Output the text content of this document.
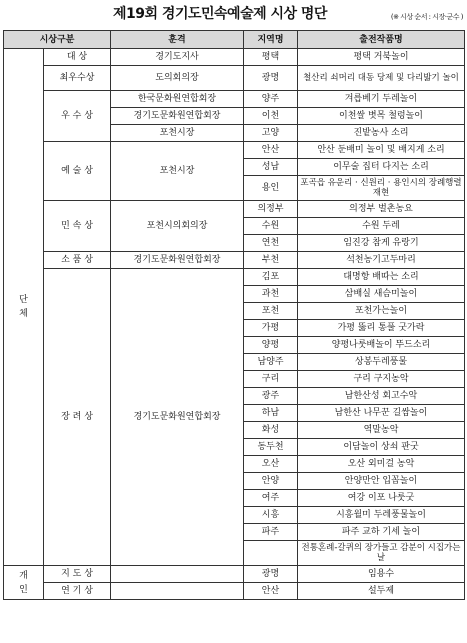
제19회 경기도민속예술제 시상 명단	(※ 시상 순서 : 시장·군수 )
시상구분		훈격	지역명	출전작품명
단 체	대 상	경기도지사	평택	평택 거북놀이
	최우수상	도의회의장	광명	철산리 쇠머리 대동 당제 및 다리밟기 놀이
	우 수 상	한국문화원연합회장	양주	겨릅베기 두레놀이
		경기도문화원연합회장	이천	이천쌀 볏목 철렁놀이
		포천시장	고양	진밭농사 소리
	예 술 상	포천시장	안산	안산 둔배미 놀이 및 배지게 소리
			성남	이무술 집터 다지는 소리
			용인	포곡읍 유운리 · 신원리 · 용인시의 장례행렬 재현
	민 속 상	포천시의회의장	의정부	의정부 벌촌농요
			수원	수원 두레
			연천	임진강 참게 유랑기
	소 품 상	경기도문화원연합회장	부천	석천농기고두마리
	장 려 상	경기도문화원연합회장	김포	대명항 배따는 소리
			과천	삼배실 새슴미놀이
			포천	포천가는놀이
			가평	가평 뚫리 통풀 굿가락
			양평	양평나룻배놀이 뚜드소리
			남양주	상봉두레풍물
			구리	구리 구지농악
			광주	남한산성 회고수악
			하남	남한산 나무꾼 길쌈놀이
			화성	역말농악
			동두천	이담놀이 상쇠 판굿
			오산	오산 외미걸 농악
			안양	안양만안 입꼽놀이
			여주	여강 이포 나룻굿
			시흥	시흥월미 두레풍물놀이
			파주	파주 교하 기세 놀이
				전통혼례-갈퀴의 장가들고 감분이 시집가는 날
개 인	지 도 상		광명	임용수
	연 기 상		안산	설두제
